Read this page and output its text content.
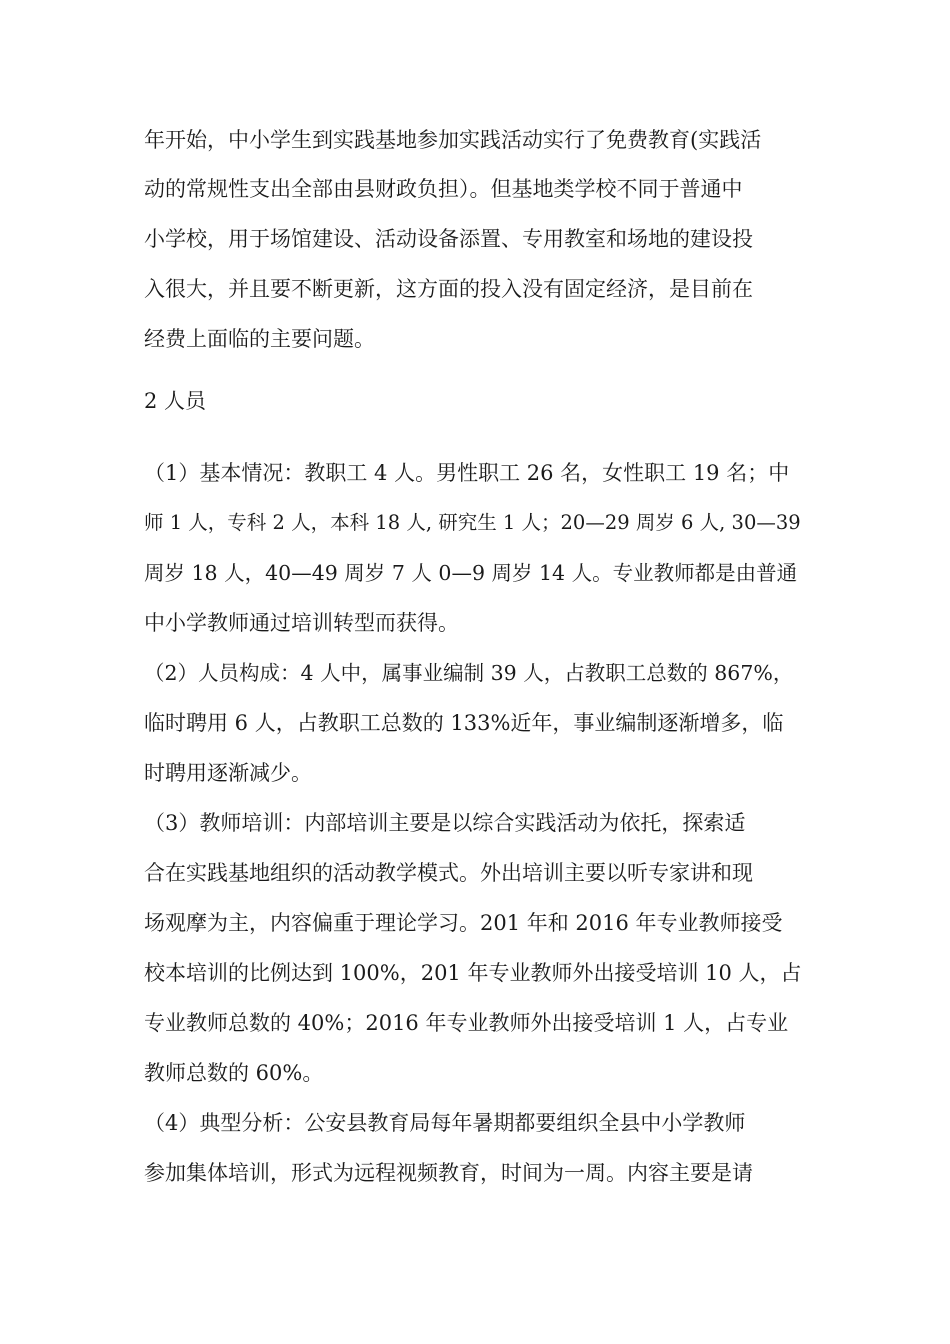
年开始，中小学生到实践基地参加实践活动实行了免费教育(实践活
动的常规性支出全部由县财政负担）。但基地类学校不同于普通中
小学校，用于场馆建设、活动设备添置、专用教室和场地的建设投
入很大，并且要不断更新，这方面的投入没有固定经济，是目前在
经费上面临的主要问题。
2 人员
（1）基本情况：教职工 4 人。男性职工 26 名，女性职工 19 名；中
师 1 人，专科 2 人，本科 18 人, 研究生 1 人；20—29 周岁 6 人, 30—39
周岁 18 人，40—49 周岁 7 人 0—9 周岁 14 人。专业教师都是由普通
中小学教师通过培训转型而获得。
（2）人员构成：4 人中，属事业编制 39 人，占教职工总数的 867%，
临时聘用 6 人，占教职工总数的 133%近年，事业编制逐渐增多，临
时聘用逐渐减少。
（3）教师培训：内部培训主要是以综合实践活动为依托，探索适
合在实践基地组织的活动教学模式。外出培训主要以听专家讲和现
场观摩为主，内容偏重于理论学习。201 年和 2016 年专业教师接受
校本培训的比例达到 100%，201 年专业教师外出接受培训 10 人，占
专业教师总数的 40%；2016 年专业教师外出接受培训 1 人，占专业
教师总数的 60%。
（4）典型分析：公安县教育局每年暑期都要组织全县中小学教师
参加集体培训，形式为远程视频教育，时间为一周。内容主要是请
